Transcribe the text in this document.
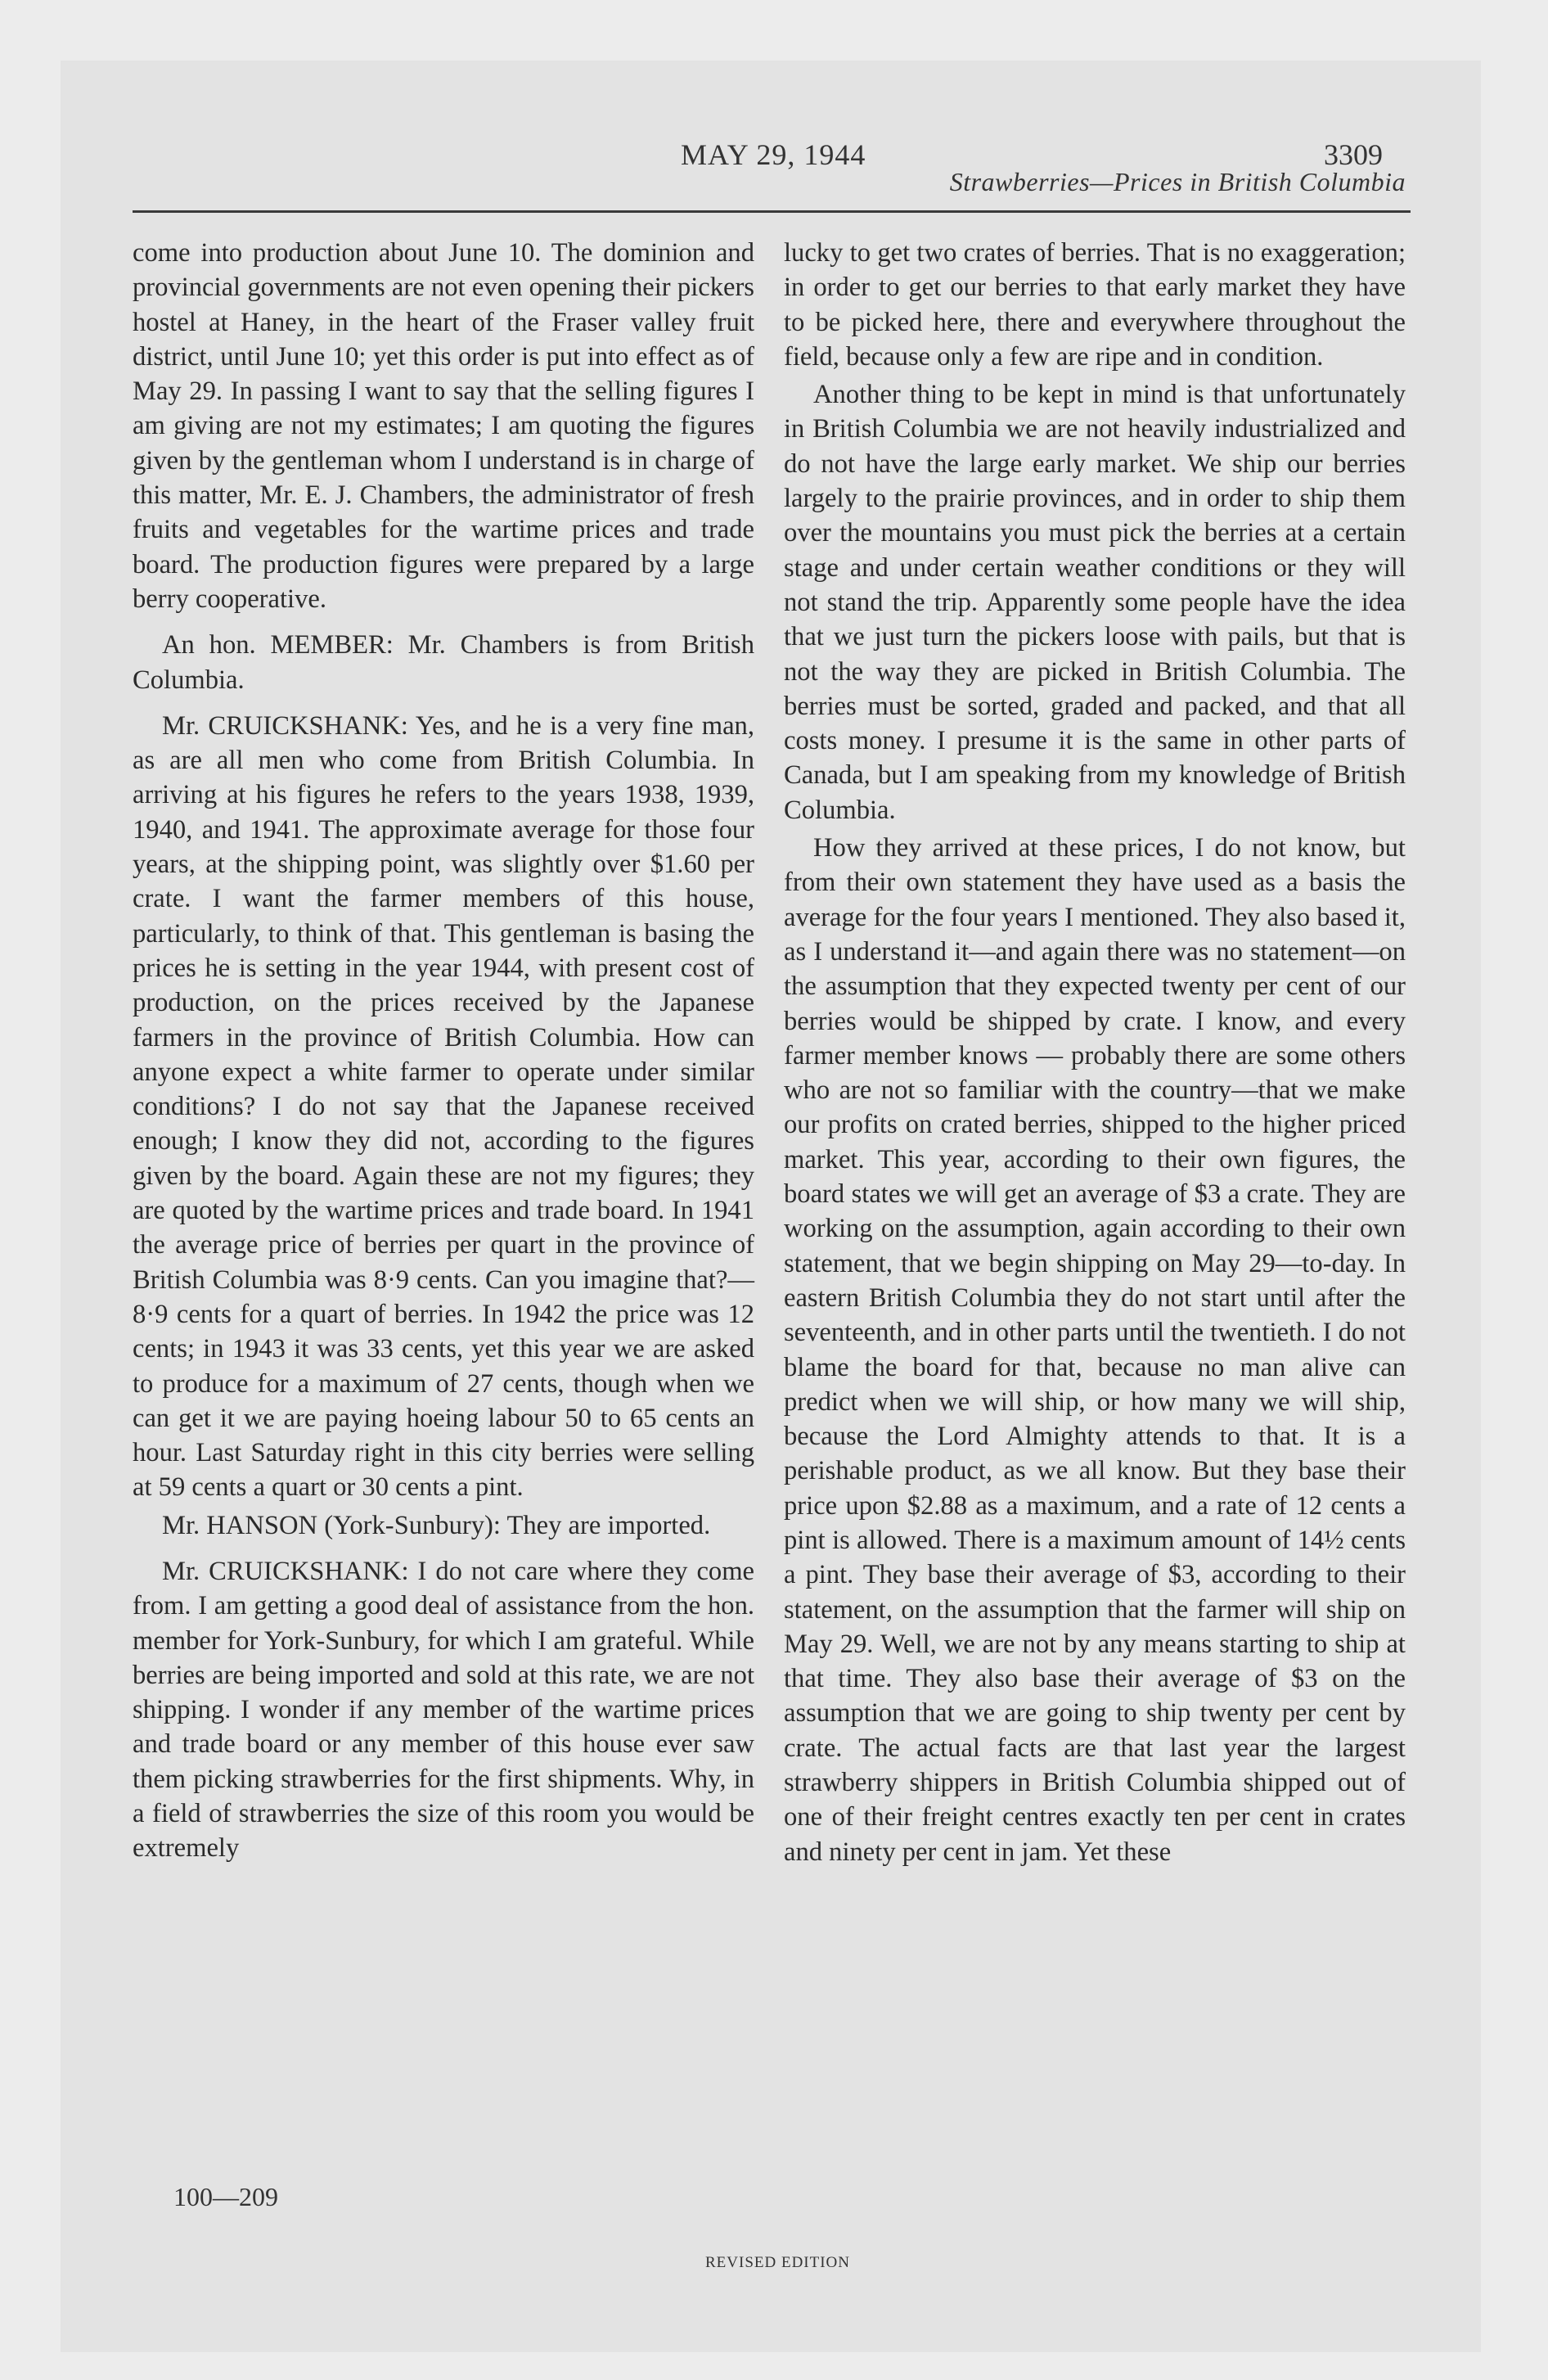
MAY 29, 1944	3309
Strawberries—Prices in British Columbia

come into production about June 10. The dominion and provincial governments are not even opening their pickers hostel at Haney, in the heart of the Fraser valley fruit district, until June 10; yet this order is put into effect as of May 29. In passing I want to say that the selling figures I am giving are not my estimates; I am quoting the figures given by the gentleman whom I understand is in charge of this matter, Mr. E. J. Chambers, the administrator of fresh fruits and vegetables for the wartime prices and trade board. The production figures were prepared by a large berry cooperative.

An hon. MEMBER: Mr. Chambers is from British Columbia.

Mr. CRUICKSHANK: Yes, and he is a very fine man, as are all men who come from British Columbia. In arriving at his figures he refers to the years 1938, 1939, 1940, and 1941. The approximate average for those four years, at the shipping point, was slightly over $1.60 per crate. I want the farmer members of this house, particularly, to think of that. This gentleman is basing the prices he is setting in the year 1944, with present cost of production, on the prices received by the Japanese farmers in the province of British Columbia. How can anyone expect a white farmer to operate under similar conditions? I do not say that the Japanese received enough; I know they did not, according to the figures given by the board. Again these are not my figures; they are quoted by the wartime prices and trade board. In 1941 the average price of berries per quart in the province of British Columbia was 8·9 cents. Can you imagine that?—8·9 cents for a quart of berries. In 1942 the price was 12 cents; in 1943 it was 33 cents, yet this year we are asked to produce for a maximum of 27 cents, though when we can get it we are paying hoeing labour 50 to 65 cents an hour. Last Saturday right in this city berries were selling at 59 cents a quart or 30 cents a pint.

Mr. HANSON (York-Sunbury): They are imported.

Mr. CRUICKSHANK: I do not care where they come from. I am getting a good deal of assistance from the hon. member for York-Sunbury, for which I am grateful. While berries are being imported and sold at this rate, we are not shipping. I wonder if any member of the wartime prices and trade board or any member of this house ever saw them picking strawberries for the first shipments. Why, in a field of strawberries the size of this room you would be extremely

lucky to get two crates of berries. That is no exaggeration; in order to get our berries to that early market they have to be picked here, there and everywhere throughout the field, because only a few are ripe and in condition.

Another thing to be kept in mind is that unfortunately in British Columbia we are not heavily industrialized and do not have the large early market. We ship our berries largely to the prairie provinces, and in order to ship them over the mountains you must pick the berries at a certain stage and under certain weather conditions or they will not stand the trip. Apparently some people have the idea that we just turn the pickers loose with pails, but that is not the way they are picked in British Columbia. The berries must be sorted, graded and packed, and that all costs money. I presume it is the same in other parts of Canada, but I am speaking from my knowledge of British Columbia.

How they arrived at these prices, I do not know, but from their own statement they have used as a basis the average for the four years I mentioned. They also based it, as I understand it—and again there was no statement—on the assumption that they expected twenty per cent of our berries would be shipped by crate. I know, and every farmer member knows — probably there are some others who are not so familiar with the country—that we make our profits on crated berries, shipped to the higher priced market. This year, according to their own figures, the board states we will get an average of $3 a crate. They are working on the assumption, again according to their own statement, that we begin shipping on May 29—to-day. In eastern British Columbia they do not start until after the seventeenth, and in other parts until the twentieth. I do not blame the board for that, because no man alive can predict when we will ship, or how many we will ship, because the Lord Almighty attends to that. It is a perishable product, as we all know. But they base their price upon $2.88 as a maximum, and a rate of 12 cents a pint is allowed. There is a maximum amount of 14½ cents a pint. They base their average of $3, according to their statement, on the assumption that the farmer will ship on May 29. Well, we are not by any means starting to ship at that time. They also base their average of $3 on the assumption that we are going to ship twenty per cent by crate. The actual facts are that last year the largest strawberry shippers in British Columbia shipped out of one of their freight centres exactly ten per cent in crates and ninety per cent in jam. Yet these

100—209
REVISED EDITION
